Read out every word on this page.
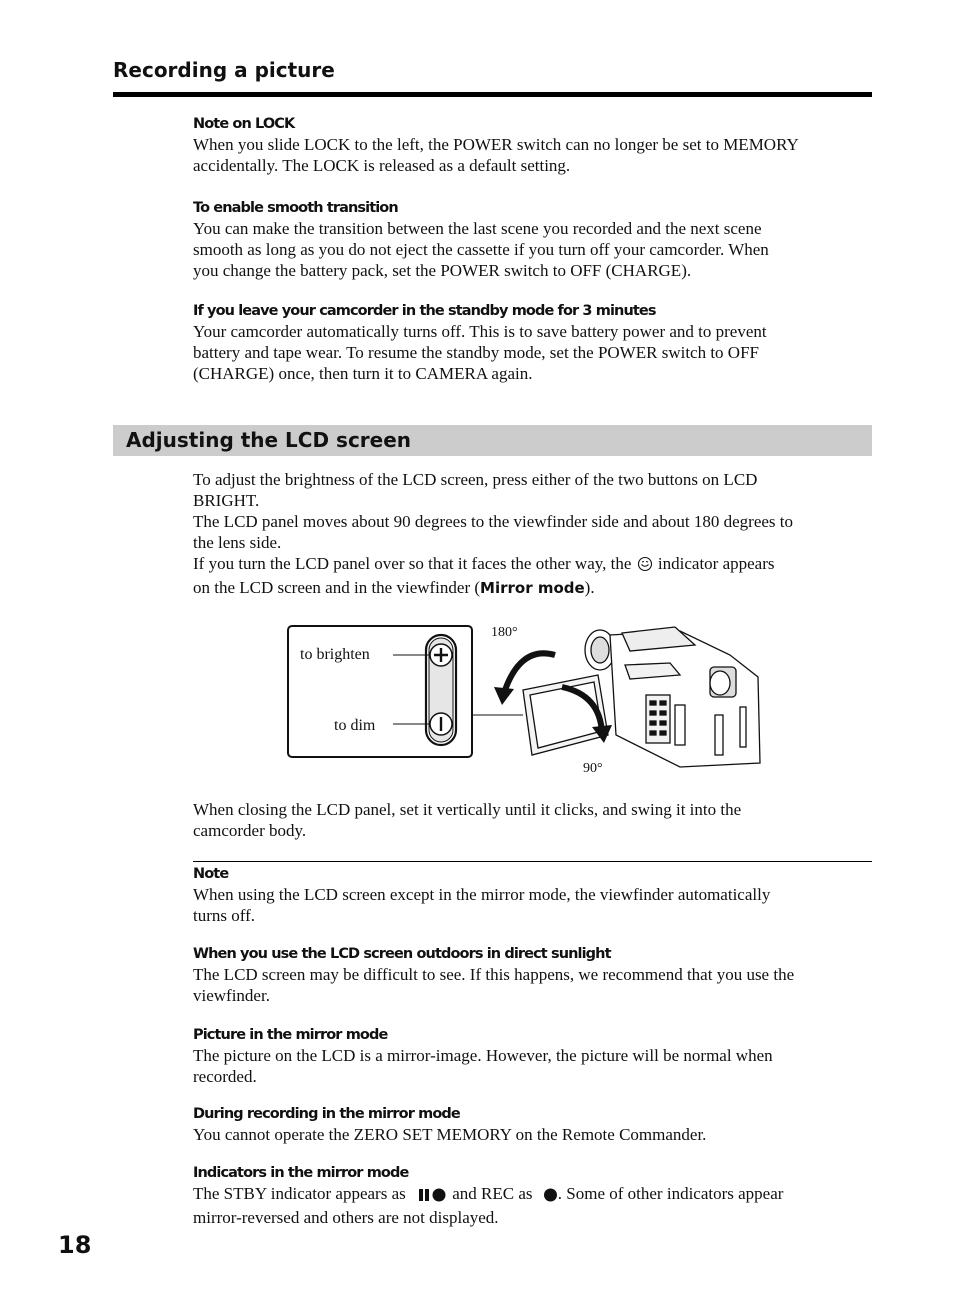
Recording a picture

Note on LOCK

When you slide LOCK to the left, the POWER switch can no longer be set to MEMORY

accidentally. The LOCK is released as a default setting.

To enable smooth transition

You can make the transition between the last scene you recorded and the next scene

smooth as long as you do not eject the cassette if you turn off your camcorder. When

you change the battery pack, set the POWER switch to OFF (CHARGE).

If you leave your camcorder in the standby mode for 3 minutes

Your camcorder automatically turns off. This is to save battery power and to prevent

battery and tape wear. To resume the standby mode, set the POWER switch to OFF

(CHARGE) once, then turn it to CAMERA again.

Adjusting the LCD screen

To adjust the brightness of the LCD screen, press either of the two buttons on LCD

BRIGHT.

The LCD panel moves about 90 degrees to the viewfinder side and about 180 degrees to

the lens side.

If you turn the LCD panel over so that it faces the other way, the indicator appears

on the LCD screen and in the viewfinder (Mirror mode).

to brighten
to dim
180°
90°

When closing the LCD panel, set it vertically until it clicks, and swing it into the

camcorder body.

Note

When using the LCD screen except in the mirror mode, the viewfinder automatically

turns off.

When you use the LCD screen outdoors in direct sunlight

The LCD screen may be difficult to see. If this happens, we recommend that you use the

viewfinder.

Picture in the mirror mode

The picture on the LCD is a mirror-image. However, the picture will be normal when

recorded.

During recording in the mirror mode

You cannot operate the ZERO SET MEMORY on the Remote Commander.

Indicators in the mirror mode

The STBY indicator appears as	and REC as . Some of other indicators appear

mirror-reversed and others are not displayed.

18
